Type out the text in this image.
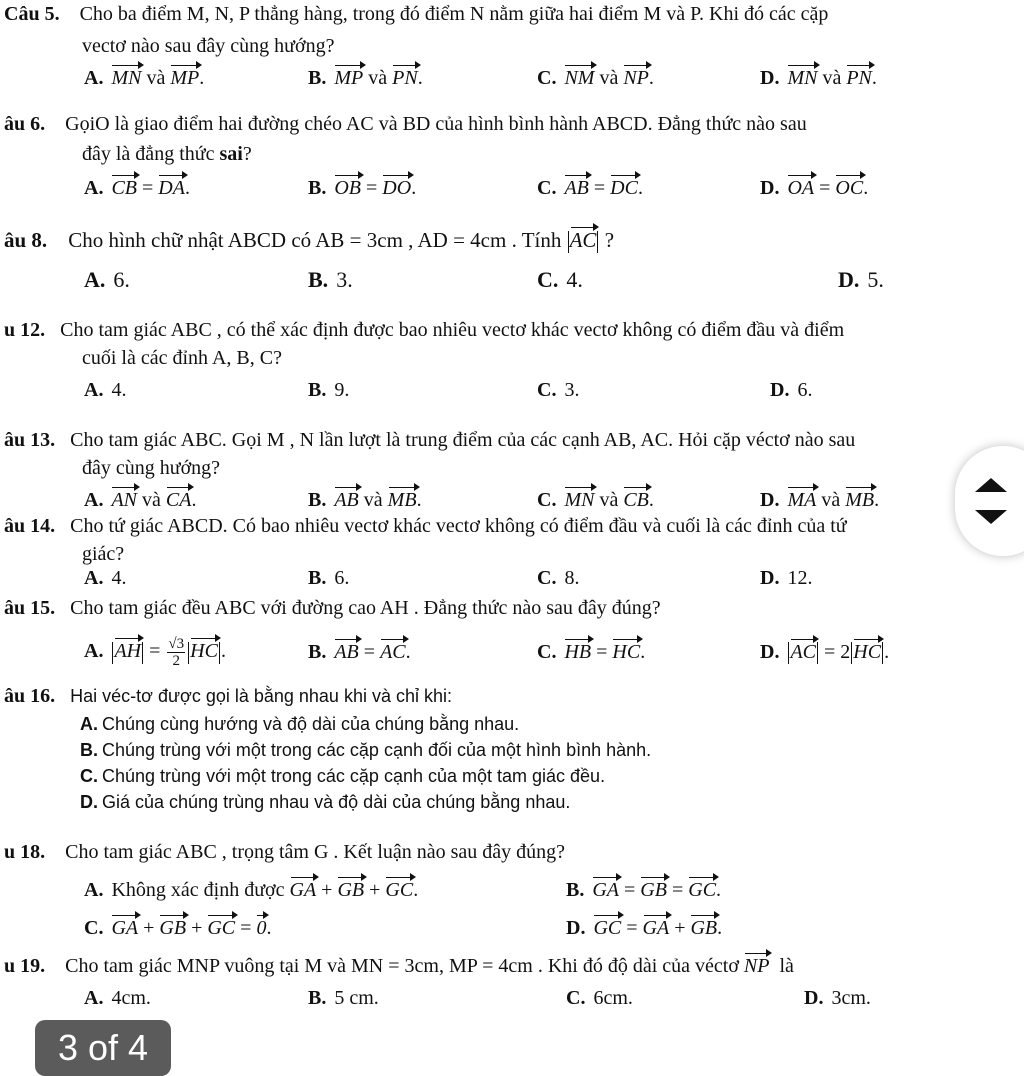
Câu 5. Cho ba điểm M, N, P thẳng hàng, trong đó điểm N nằm giữa hai điểm M và P. Khi đó các cặp
vectơ nào sau đây cùng hướng?
A. MN và MP.	B. MP và PN.	C. NM và NP.	D. MN và PN.
âu 6. GọiO là giao điểm hai đường chéo AC và BD của hình bình hành ABCD. Đẳng thức nào sau
đây là đẳng thức sai?
A. CB = DA.	B. OB = DO.	C. AB = DC.	D. OA = OC.
âu 8. Cho hình chữ nhật ABCD có AB = 3cm , AD = 4cm . Tính AC ?
A. 6.	B. 3.	C. 4.	D. 5.
u 12. Cho tam giác ABC , có thể xác định được bao nhiêu vectơ khác vectơ không có điểm đầu và điểm
cuối là các đỉnh A, B, C?
A. 4.	B. 9.	C. 3.	D. 6.
âu 13. Cho tam giác ABC. Gọi M , N lần lượt là trung điểm của các cạnh AB, AC. Hỏi cặp véctơ nào sau
đây cùng hướng?
A. AN và CA.	B. AB và MB.	C. MN và CB.	D. MA và MB.
âu 14. Cho tứ giác ABCD. Có bao nhiêu vectơ khác vectơ không có điểm đầu và cuối là các đỉnh của tứ
giác?
A. 4.	B. 6.	C. 8.	D. 12.
âu 15. Cho tam giác đều ABC với đường cao AH . Đẳng thức nào sau đây đúng?
A. AH = $\frac{√3}{2}$ HC .	B. AB = AC.	C. HB = HC.	D. AC = 2 HC .
âu 16. Hai véc-tơ được gọi là bằng nhau khi và chỉ khi:
A. Chúng cùng hướng và độ dài của chúng bằng nhau.
B. Chúng trùng với một trong các cặp cạnh đối của một hình bình hành.
C. Chúng trùng với một trong các cặp cạnh của một tam giác đều.
D. Giá của chúng trùng nhau và độ dài của chúng bằng nhau.
u 18. Cho tam giác ABC , trọng tâm G . Kết luận nào sau đây đúng?
A. Không xác định được GA + GB + GC.	B. GA = GB = GC.
C. GA + GB + GC = 0.	D. GC = GA + GB.
u 19. Cho tam giác MNP vuông tại M và MN = 3cm, MP = 4cm . Khi đó độ dài của véctơ NP là
A. 4cm.	B. 5 cm.	C. 6cm.	D. 3cm.
3 of 4
